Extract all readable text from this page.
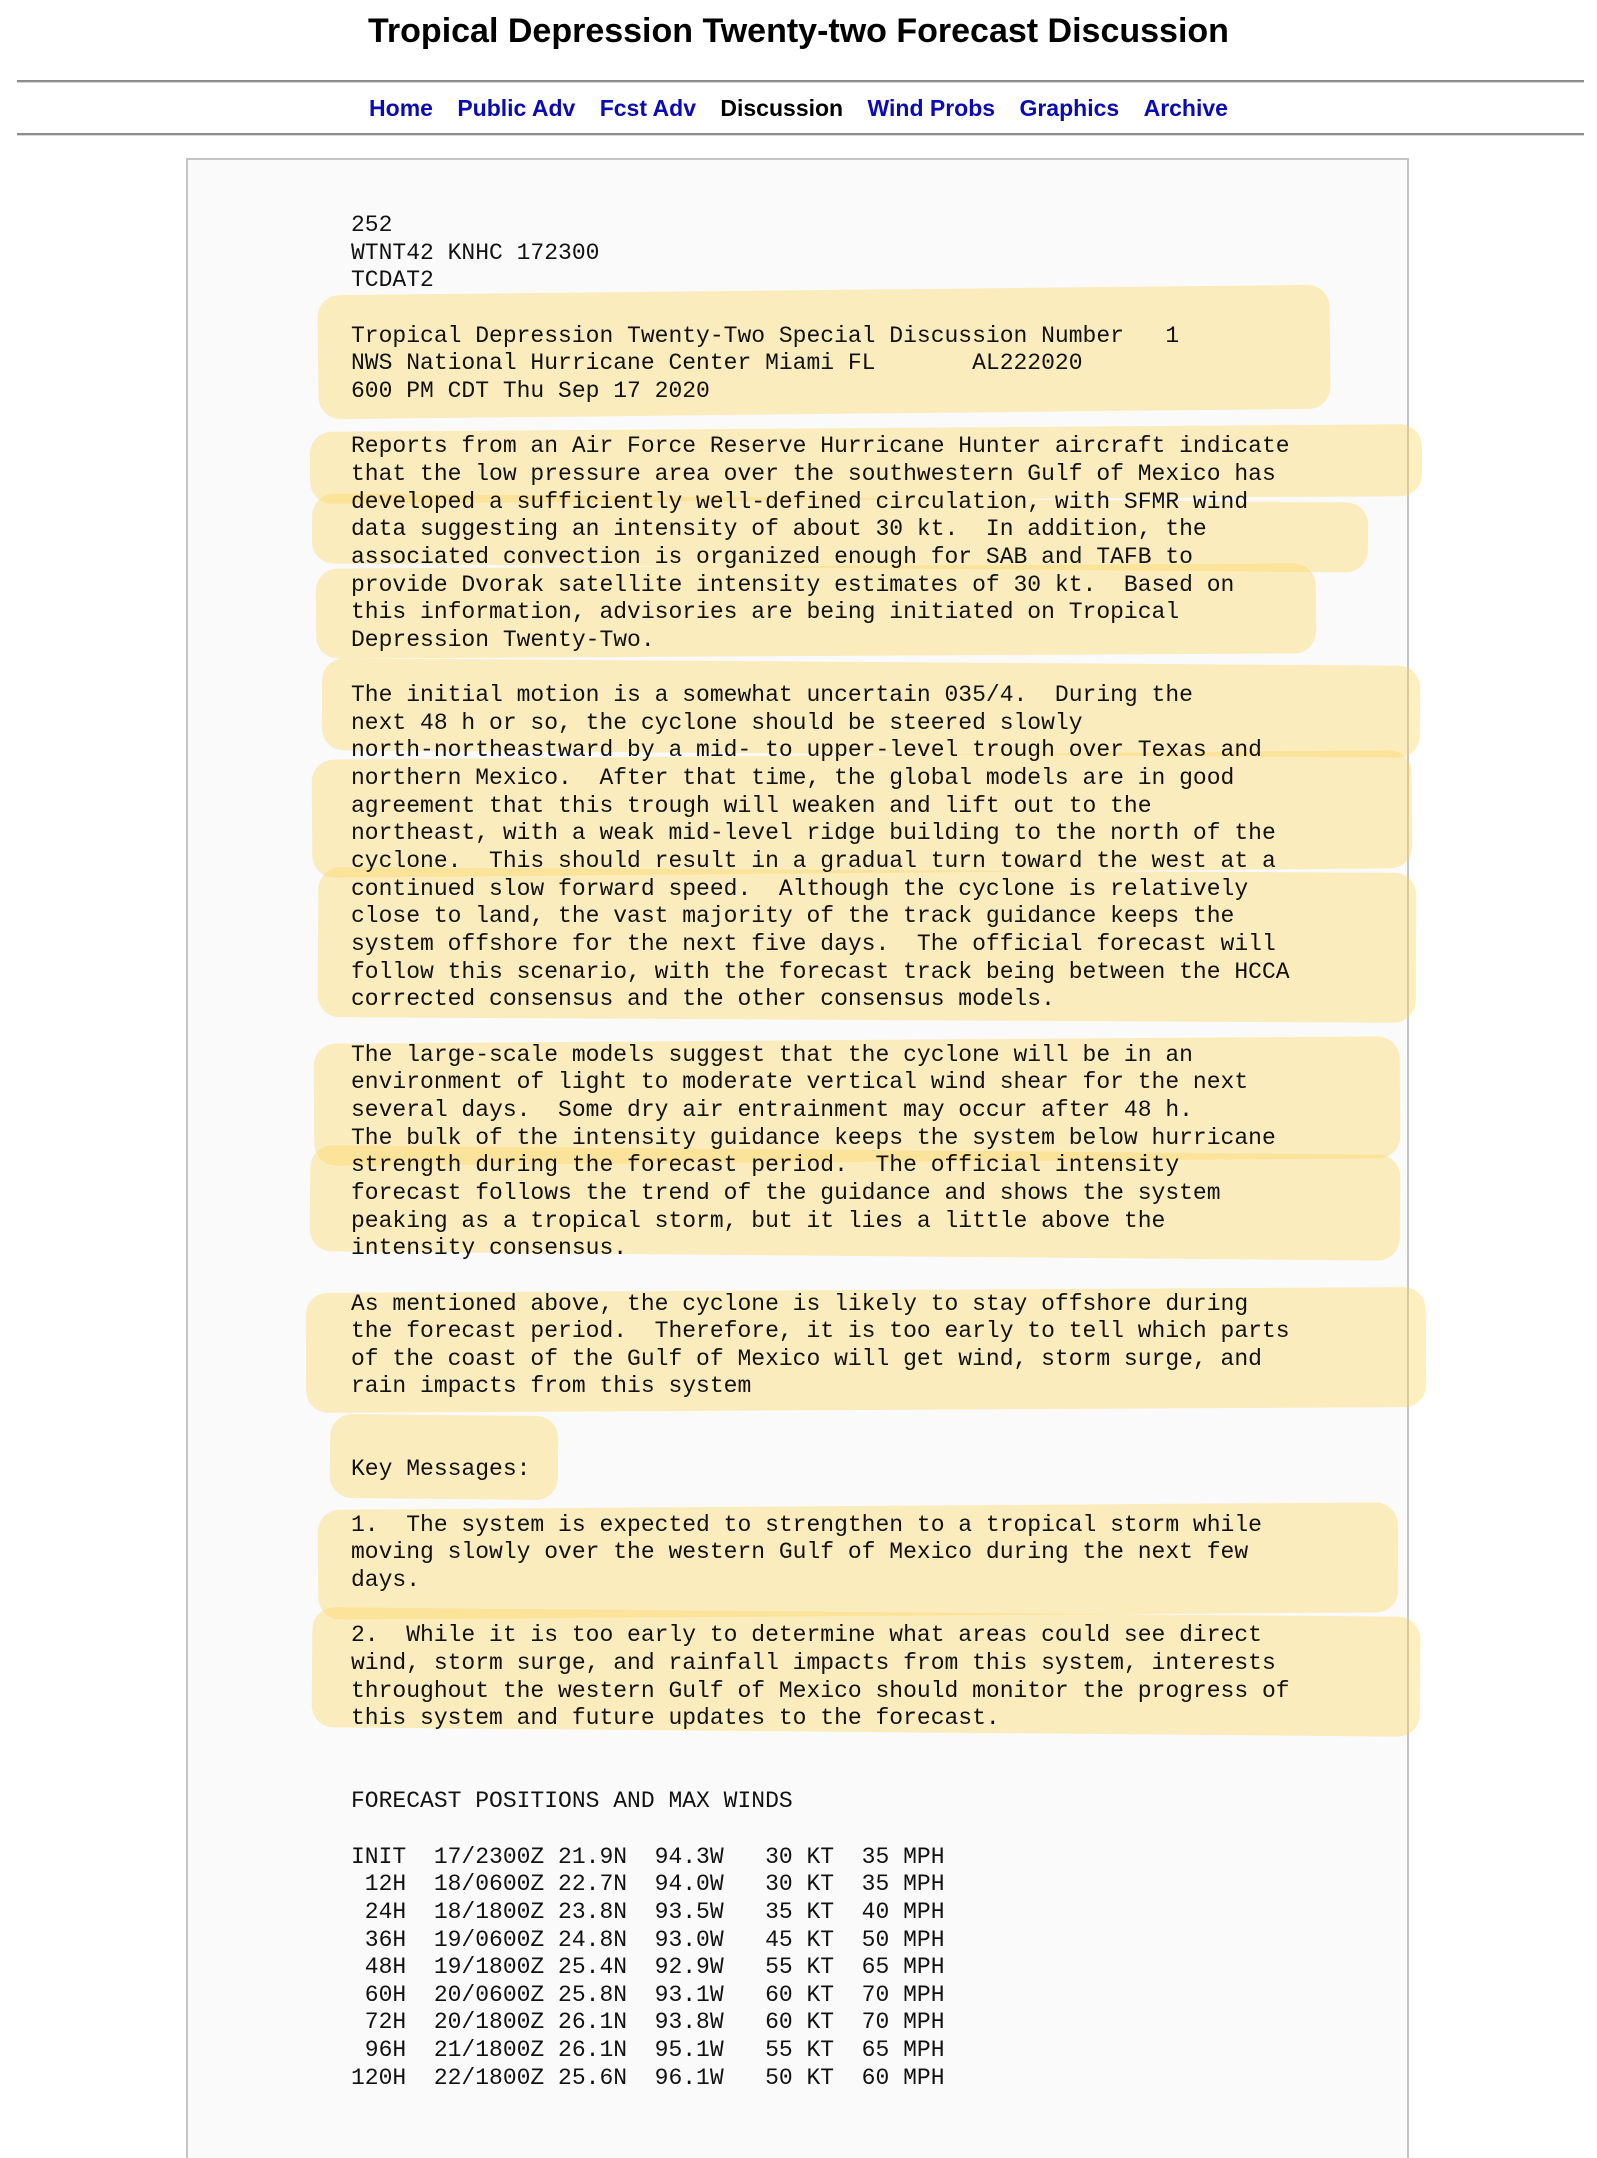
Tropical Depression Twenty-two Forecast Discussion
Home Public Adv Fcst Adv Discussion Wind Probs Graphics Archive
252
WTNT42 KNHC 172300
TCDAT2
Tropical Depression Twenty-Two Special Discussion Number   1
NWS National Hurricane Center Miami FL       AL222020
600 PM CDT Thu Sep 17 2020
Reports from an Air Force Reserve Hurricane Hunter aircraft indicate
that the low pressure area over the southwestern Gulf of Mexico has
developed a sufficiently well-defined circulation, with SFMR wind
data suggesting an intensity of about 30 kt.  In addition, the
associated convection is organized enough for SAB and TAFB to
provide Dvorak satellite intensity estimates of 30 kt.  Based on
this information, advisories are being initiated on Tropical
Depression Twenty-Two.
The initial motion is a somewhat uncertain 035/4.  During the
next 48 h or so, the cyclone should be steered slowly
north-northeastward by a mid- to upper-level trough over Texas and
northern Mexico.  After that time, the global models are in good
agreement that this trough will weaken and lift out to the
northeast, with a weak mid-level ridge building to the north of the
cyclone.  This should result in a gradual turn toward the west at a
continued slow forward speed.  Although the cyclone is relatively
close to land, the vast majority of the track guidance keeps the
system offshore for the next five days.  The official forecast will
follow this scenario, with the forecast track being between the HCCA
corrected consensus and the other consensus models.
The large-scale models suggest that the cyclone will be in an
environment of light to moderate vertical wind shear for the next
several days.  Some dry air entrainment may occur after 48 h.
The bulk of the intensity guidance keeps the system below hurricane
strength during the forecast period.  The official intensity
forecast follows the trend of the guidance and shows the system
peaking as a tropical storm, but it lies a little above the
intensity consensus.
As mentioned above, the cyclone is likely to stay offshore during
the forecast period.  Therefore, it is too early to tell which parts
of the coast of the Gulf of Mexico will get wind, storm surge, and
rain impacts from this system
Key Messages:
1.  The system is expected to strengthen to a tropical storm while
moving slowly over the western Gulf of Mexico during the next few
days.
2.  While it is too early to determine what areas could see direct
wind, storm surge, and rainfall impacts from this system, interests
throughout the western Gulf of Mexico should monitor the progress of
this system and future updates to the forecast.
FORECAST POSITIONS AND MAX WINDS
INIT  17/2300Z 21.9N  94.3W   30 KT  35 MPH
12H  18/0600Z 22.7N  94.0W   30 KT  35 MPH
24H  18/1800Z 23.8N  93.5W   35 KT  40 MPH
36H  19/0600Z 24.8N  93.0W   45 KT  50 MPH
48H  19/1800Z 25.4N  92.9W   55 KT  65 MPH
60H  20/0600Z 25.8N  93.1W   60 KT  70 MPH
72H  20/1800Z 26.1N  93.8W   60 KT  70 MPH
96H  21/1800Z 26.1N  95.1W   55 KT  65 MPH
120H  22/1800Z 25.6N  96.1W   50 KT  60 MPH
